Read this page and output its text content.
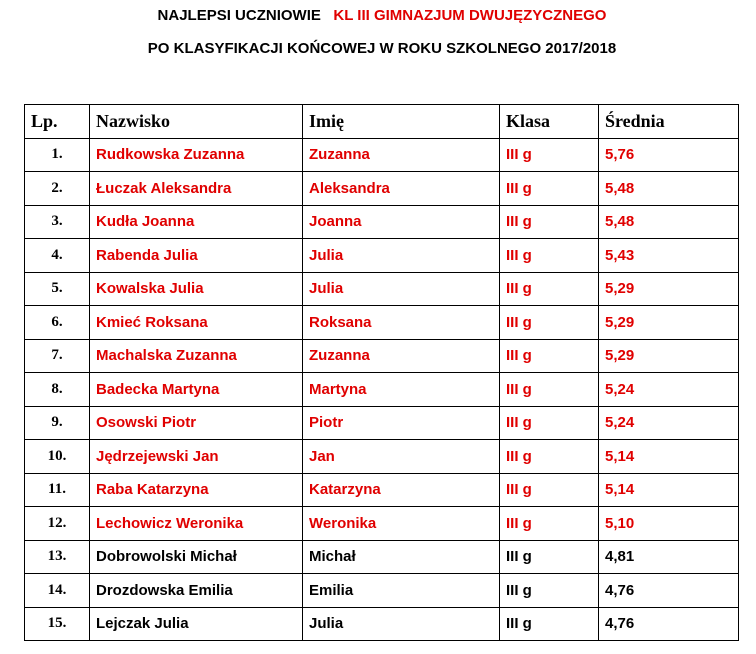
NAJLEPSI UCZNIOWIE KL III GIMNAZJUM DWUJĘZYCZNEGO
PO KLASYFIKACJI KOŃCOWEJ W ROKU SZKOLNEGO 2017/2018
Lp.	Nazwisko	Imię	Klasa	Średnia
1.	Rudkowska Zuzanna	Zuzanna	III g	5,76
2.	Łuczak Aleksandra	Aleksandra	III g	5,48
3.	Kudła Joanna	Joanna	III g	5,48
4.	Rabenda Julia	Julia	III g	5,43
5.	Kowalska Julia	Julia	III g	5,29
6.	Kmieć Roksana	Roksana	III g	5,29
7.	Machalska Zuzanna	Zuzanna	III g	5,29
8.	Badecka Martyna	Martyna	III g	5,24
9.	Osowski Piotr	Piotr	III g	5,24
10.	Jędrzejewski Jan	Jan	III g	5,14
11.	Raba Katarzyna	Katarzyna	III g	5,14
12.	Lechowicz Weronika	Weronika	III g	5,10
13.	Dobrowolski Michał	Michał	III g	4,81
14.	Drozdowska Emilia	Emilia	III g	4,76
15.	Lejczak Julia	Julia	III g	4,76
